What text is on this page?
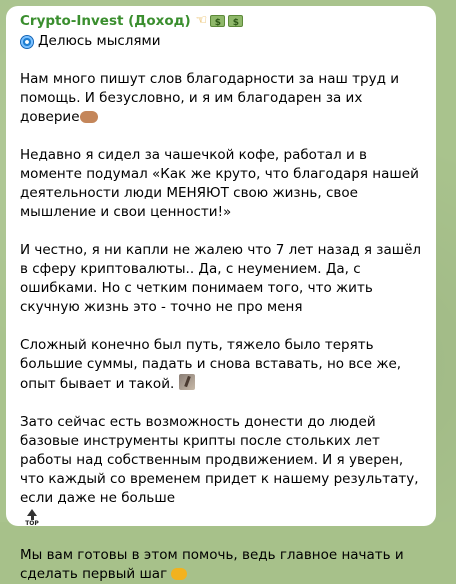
Crypto-Invest (Доход) ☜
$
$
Делюсь мыслями
Нам много пишут слов благодарности за наш труд и помощь. И безусловно, и я им благодарен за их доверие
Недавно я сидел за чашечкой кофе, работал и в моменте подумал «Как же круто, что благодаря нашей деятельности люди МЕНЯЮТ свою жизнь, свое мышление и свои ценности!»
И честно, я ни капли не жалею что 7 лет назад я зашёл в сферу криптовалюты.. Да, с неумением. Да, с ошибками. Но с четким понимаем того, что жить скучную жизнь это - точно не про меня
Сложный конечно был путь, тяжело было терять большие суммы, падать и снова вставать, но все же, опыт бывает и такой.
Зато сейчас есть возможность донести до людей базовые инструменты крипты после стольких лет работы над собственным продвижением. И я уверен, что каждый со временем придет к нашему результату, если даже не больше
TOP
Мы вам готовы в этом помочь, ведь главное начать и сделать первый шаг
